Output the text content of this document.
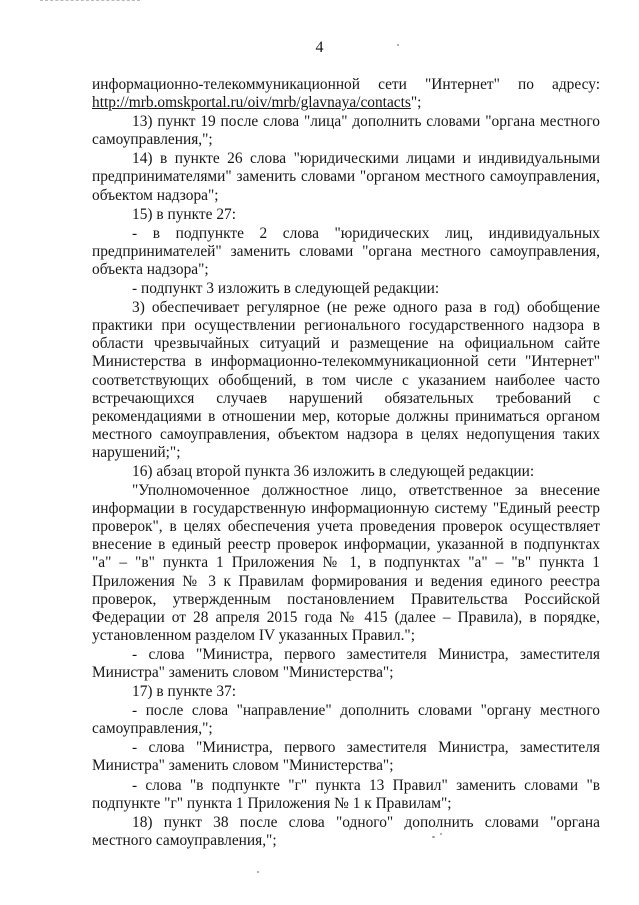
4

информационно-телекоммуникационной сети "Интернет" по адресу: http://mrb.omskportal.ru/oiv/mrb/glavnaya/contacts";

13) пункт 19 после слова "лица" дополнить словами "органа местного самоуправления,";

14) в пункте 26 слова "юридическими лицами и индивидуальными предпринимателями" заменить словами "органом местного самоуправления, объектом надзора";

15) в пункте 27:

- в подпункте 2 слова "юридических лиц, индивидуальных предпринимателей" заменить словами "органа местного самоуправления, объекта надзора";

- подпункт 3 изложить в следующей редакции:

3) обеспечивает регулярное (не реже одного раза в год) обобщение практики при осуществлении регионального государственного надзора в области чрезвычайных ситуаций и размещение на официальном сайте Министерства в информационно-телекоммуникационной сети "Интернет" соответствующих обобщений, в том числе с указанием наиболее часто встречающихся случаев нарушений обязательных требований с рекомендациями в отношении мер, которые должны приниматься органом местного самоуправления, объектом надзора в целях недопущения таких нарушений;";

16) абзац второй пункта 36 изложить в следующей редакции:

"Уполномоченное должностное лицо, ответственное за внесение информации в государственную информационную систему "Единый реестр проверок", в целях обеспечения учета проведения проверок осуществляет внесение в единый реестр проверок информации, указанной в подпунктах "а" – "в" пункта 1 Приложения № 1, в подпунктах "а" – "в" пункта 1 Приложения № 3 к Правилам формирования и ведения единого реестра проверок, утвержденным постановлением Правительства Российской Федерации от 28 апреля 2015 года № 415 (далее – Правила), в порядке, установленном разделом IV указанных Правил.";

- слова "Министра, первого заместителя Министра, заместителя Министра" заменить словом "Министерства";

17) в пункте 37:

- после слова "направление" дополнить словами "органу местного самоуправления,";

- слова "Министра, первого заместителя Министра, заместителя Министра" заменить словом "Министерства";

- слова "в подпункте "г" пункта 13 Правил" заменить словами "в подпункте "г" пункта 1 Приложения № 1 к Правилам";

18) пункт 38 после слова "одного" дополнить словами "органа местного самоуправления,";
